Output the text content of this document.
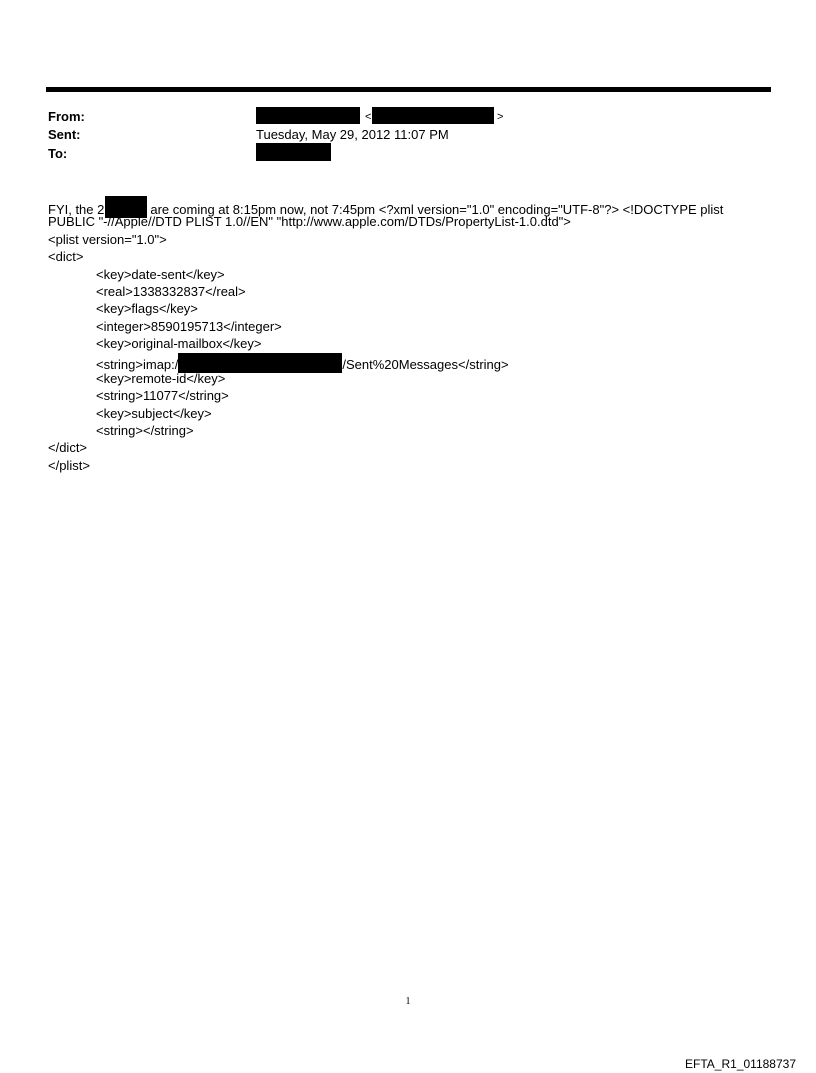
From:	<	>
Sent:	Tuesday, May 29, 2012 11:07 PM
To:
FYI, the 2	are coming at 8:15pm now, not 7:45pm <?xml version="1.0" encoding="UTF-8"?> <!DOCTYPE plist
PUBLIC "-//Apple//DTD PLIST 1.0//EN" "http://www.apple.com/DTDs/PropertyList-1.0.dtd">
<plist version="1.0">
<dict>
<key>date-sent</key>
<real>1338332837</real>
<key>flags</key>
<integer>8590195713</integer>
<key>original-mailbox</key>
<string>imap:/	/Sent%20Messages</string>
<key>remote-id</key>
<string>11077</string>
<key>subject</key>
<string></string>
</dict>
</plist>
1
EFTA_R1_01188737
